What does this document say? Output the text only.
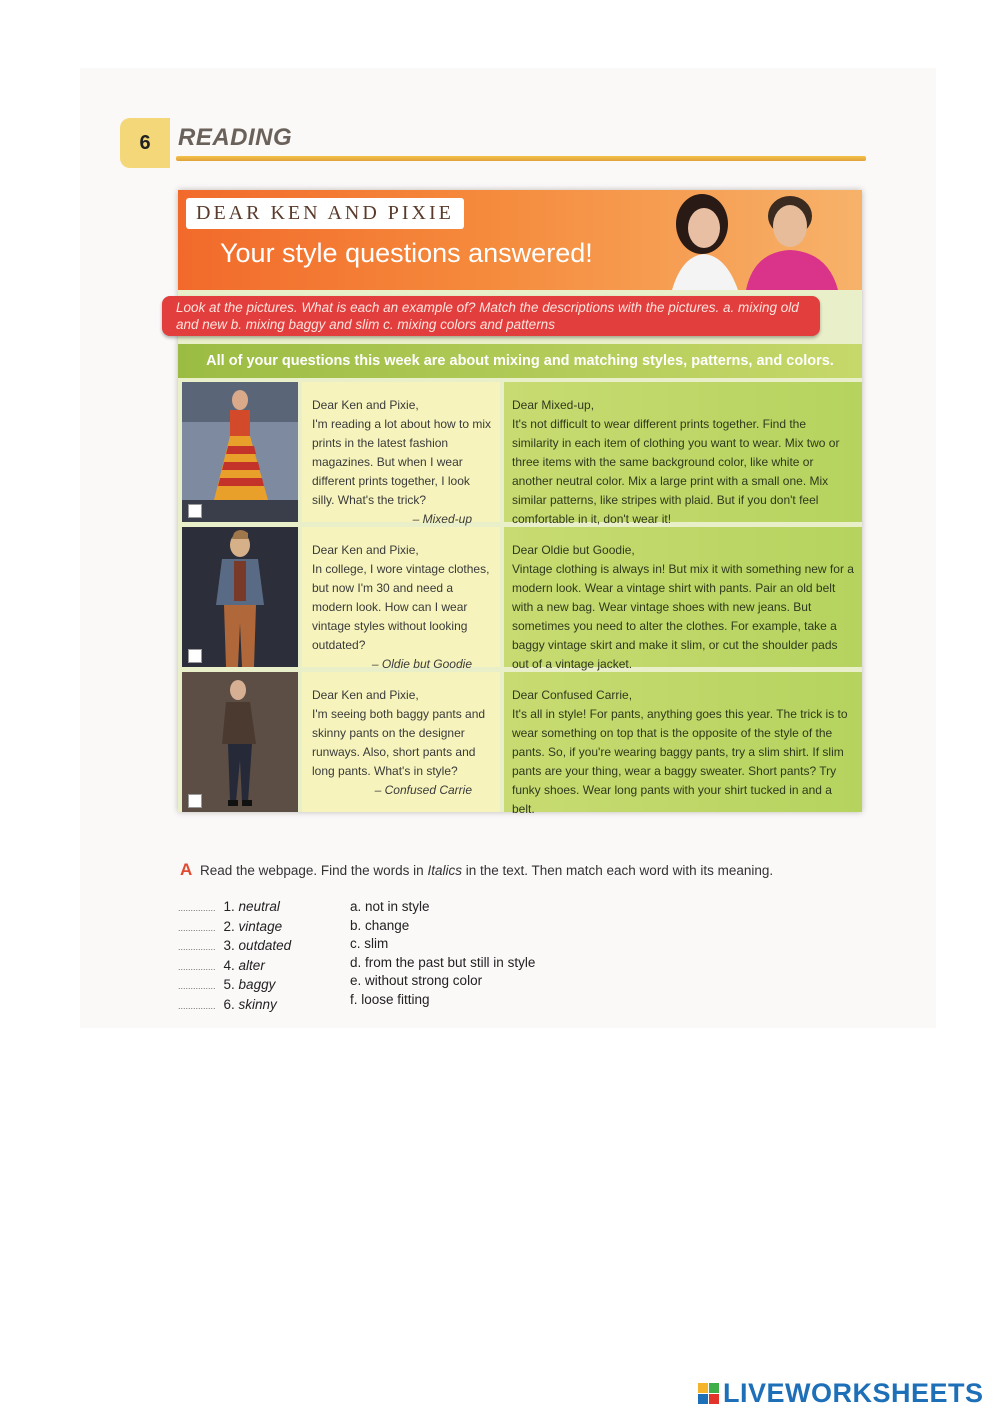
6 READING
DEAR KEN AND PIXIE
Your style questions answered!
Look at the pictures. What is each an example of? Match the descriptions with the pictures. a. mixing old and new b. mixing baggy and slim c. mixing colors and patterns
All of your questions this week are about mixing and matching styles, patterns, and colors.
Dear Ken and Pixie,
I'm reading a lot about how to mix prints in the latest fashion magazines. But when I wear different prints together, I look silly. What's the trick?
– Mixed-up
Dear Mixed-up,
It's not difficult to wear different prints together. Find the similarity in each item of clothing you want to wear. Mix two or three items with the same background color, like white or another neutral color. Mix a large print with a small one. Mix similar patterns, like stripes with plaid. But if you don't feel comfortable in it, don't wear it!
Dear Ken and Pixie,
In college, I wore vintage clothes, but now I'm 30 and need a modern look. How can I wear vintage styles without looking outdated?
– Oldie but Goodie
Dear Oldie but Goodie,
Vintage clothing is always in! But mix it with something new for a modern look. Wear a vintage shirt with pants. Pair an old belt with a new bag. Wear vintage shoes with new jeans. But sometimes you need to alter the clothes. For example, take a baggy vintage skirt and make it slim, or cut the shoulder pads out of a vintage jacket.
Dear Ken and Pixie,
I'm seeing both baggy pants and skinny pants on the designer runways. Also, short pants and long pants. What's in style?
– Confused Carrie
Dear Confused Carrie,
It's all in style! For pants, anything goes this year. The trick is to wear something on top that is the opposite of the style of the pants. So, if you're wearing baggy pants, try a slim shirt. If slim pants are your thing, wear a baggy sweater. Short pants? Try funky shoes. Wear long pants with your shirt tucked in and a belt.
A Read the webpage. Find the words in Italics in the text. Then match each word with its meaning.
............... 1. neutral
............... 2. vintage
............... 3. outdated
............... 4. alter
............... 5. baggy
............... 6. skinny
a. not in style
b. change
c. slim
d. from the past but still in style
e. without strong color
f. loose fitting
LIVEWORKSHEETS
